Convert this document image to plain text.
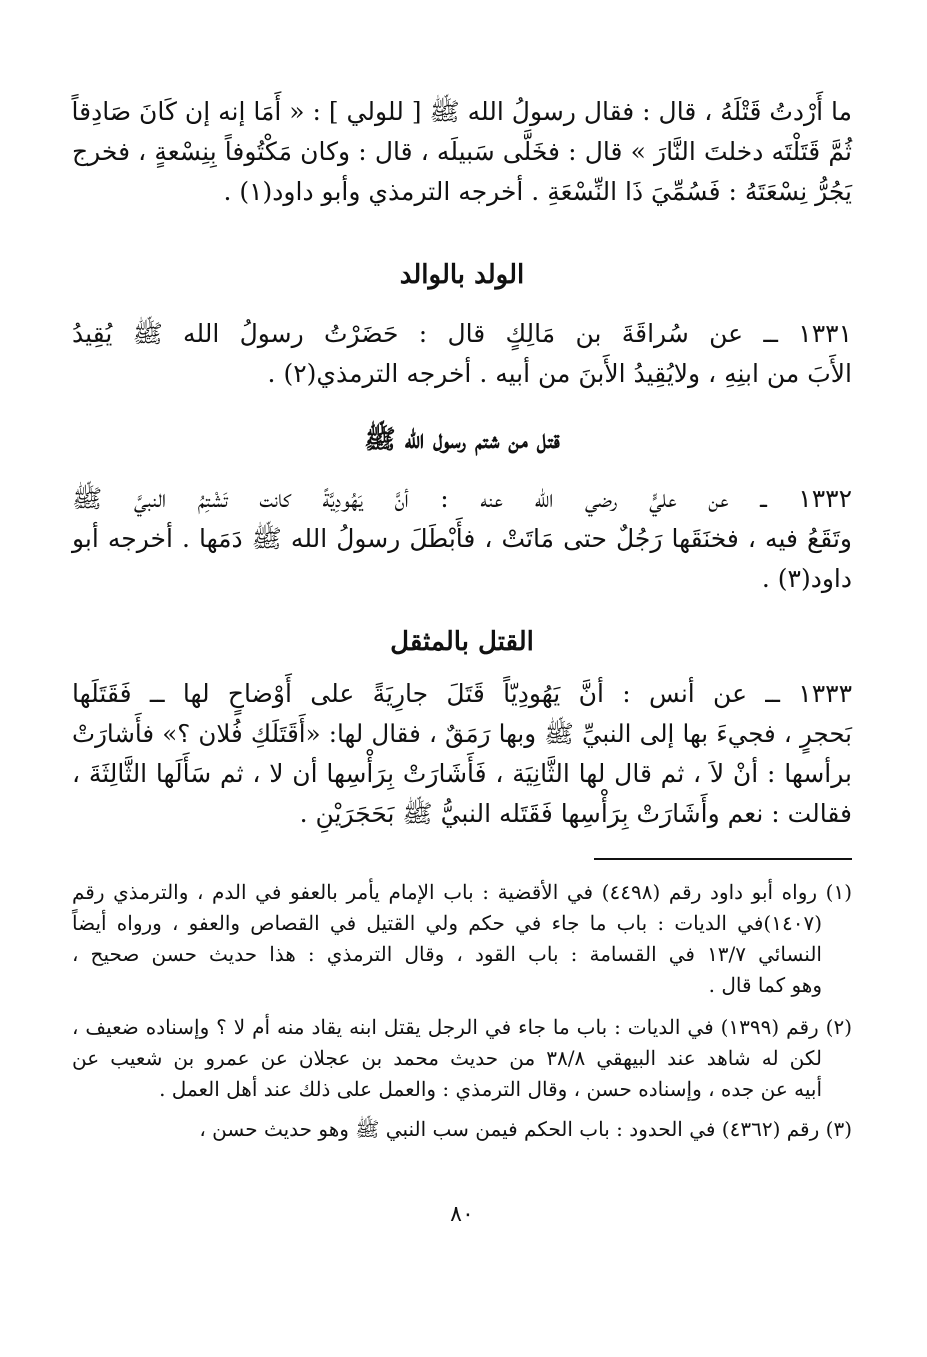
ما أَرْدتُ قَتْلَهُ ، قال : فقال رسولُ الله ﷺ [ للولي ] : « أَمَا إنه إن كَانَ صَادِقاً
ثُمَّ قَتَلْتَه دخلتَ النَّارَ » قال : فخَلَّى سَبيلَه ، قال : وكان مَكْتُوفاً بِنِسْعةٍ ، فخرج
يَجُرُّ نِسْعَتَهُ : فَسُمِّيَ ذَا النِّسْعَةِ . أخرجه الترمذي وأبو داود(١) .
الولد بالوالد
١٣٣١ ــ عن سُراقَةَ بن مَالِكٍ قال : حَضَرْتُ رسولُ الله ﷺ يُقِيدُ
الأَبَ من ابنِهِ ، ولايُقِيدُ الأَبنَ من أبيه . أخرجه الترمذي(٢) .
قتل من شتم رسول الله ﷺ
١٣٣٢ ــ عن عليٍّ رضي الله عنه : أنَّ يَهُودِيَّةً كانت تَشْتِمُ النبيَّ ﷺ
وتَقَعُ فيه ، فخنَقَها رَجُلٌ حتى مَاتَتْ ، فأَبْطَلَ رسولُ الله ﷺ دَمَها . أخرجه أبو
داود(٣) .
القتل بالمثقل
١٣٣٣ ــ عن أنس : أنَّ يَهُودِيّاً قَتَلَ جارِيَةً على أَوْضاحٍ لها ــ فَقَتَلَها
بَحجرٍ ، فجيءَ بها إلى النبيِّ ﷺ وبها رَمَقٌ ، فقال لها: «أَقَتَلَكِ فُلان ؟» فأَشارَتْ
برأسها : أنْ لاَ ، ثم قال لها الثَّانِيَة ، فَأَشَارَتْ بِرَأْسِها أن لا ، ثم سَأَلَها الثَّالِثَةَ ،
فقالت : نعم وأَشَارَتْ بِرَأْسِها فَقَتَله النبيُّ ﷺ بَحَجَرَيْنِ .
(١) رواه أبو داود رقم (٤٤٩٨) في الأقضية : باب الإمام يأمر بالعفو في الدم ، والترمذي رقم
(١٤٠٧)في الديات : باب ما جاء في حكم ولي القتيل في القصاص والعفو ، ورواه أيضاً
النسائي ١٣/٧ في القسامة : باب القود ، وقال الترمذي : هذا حديث حسن صحيح ،
وهو كما قال .
(٢) رقم (١٣٩٩) في الديات : باب ما جاء في الرجل يقتل ابنه يقاد منه أم لا ؟ وإسناده ضعيف ،
لكن له شاهد عند البيهقي ٣٨/٨ من حديث محمد بن عجلان عن عمرو بن شعيب عن
أبيه عن جده ، وإسناده حسن ، وقال الترمذي : والعمل على ذلك عند أهل العمل .
(٣) رقم (٤٣٦٢) في الحدود : باب الحكم فيمن سب النبي ﷺ وهو حديث حسن ،
٨٠
